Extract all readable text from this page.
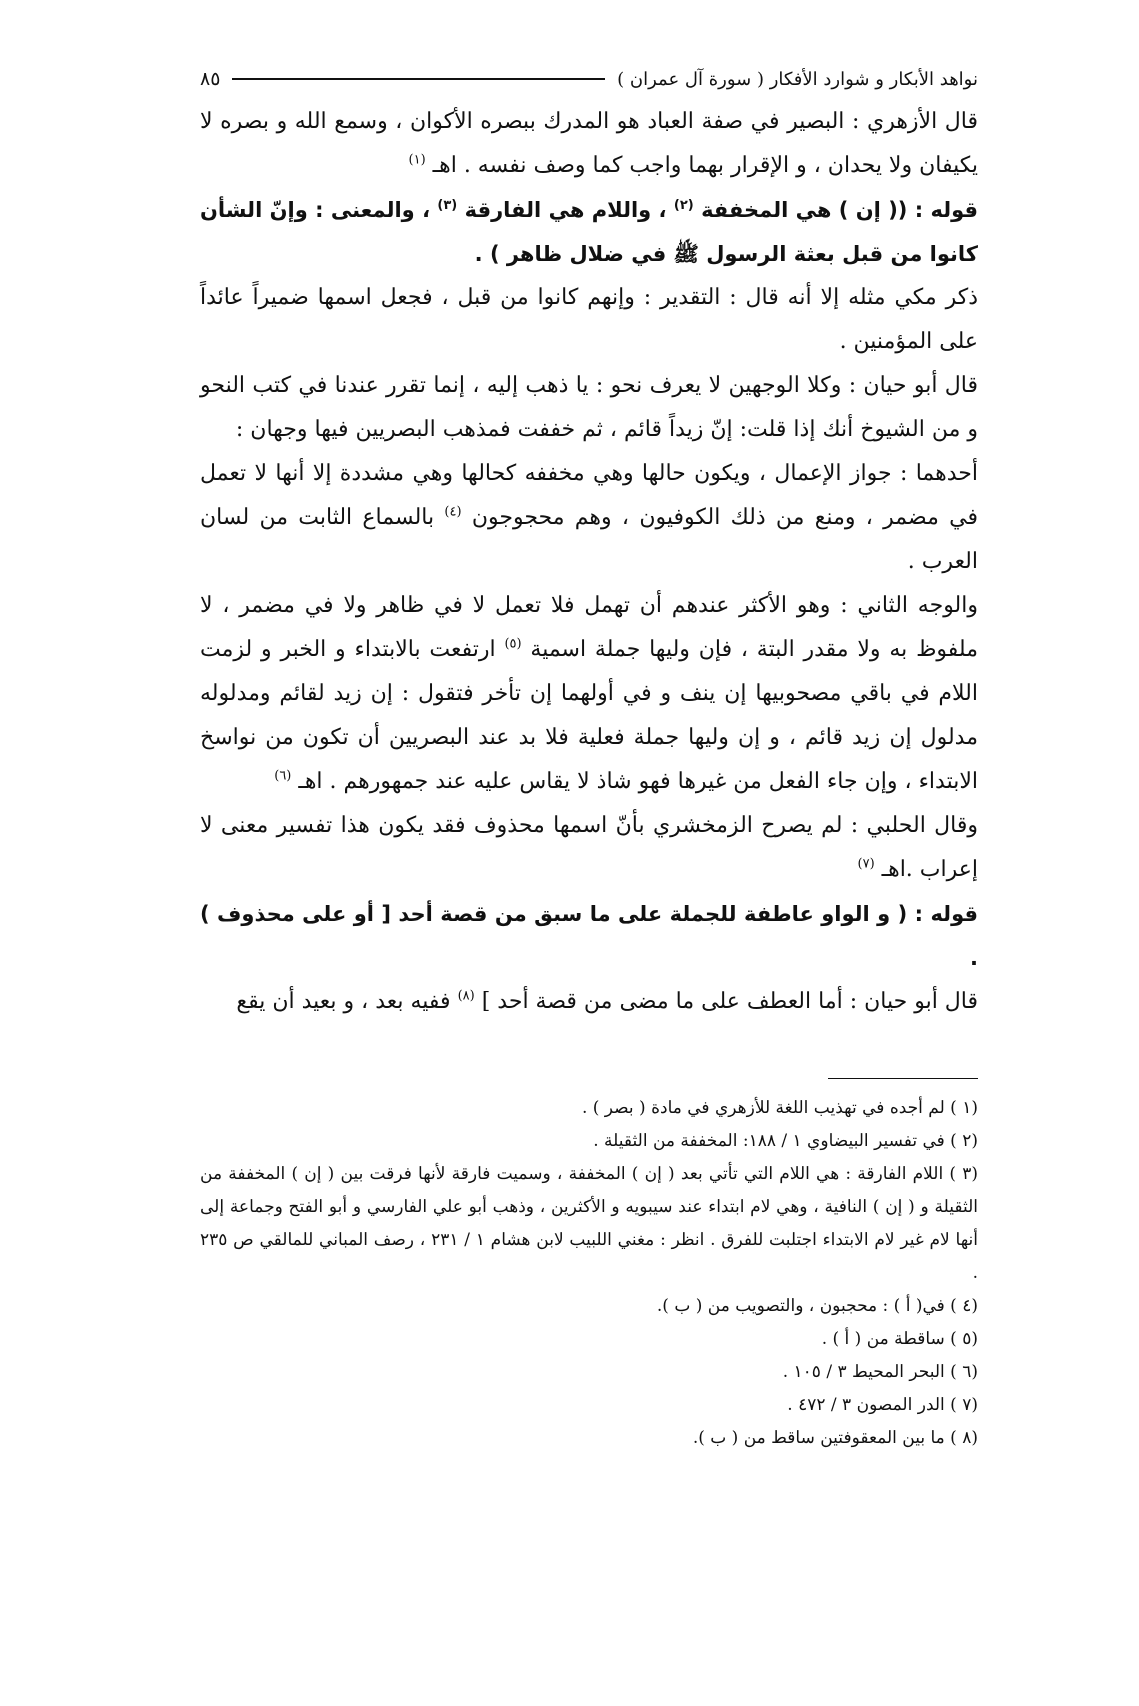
نواهد الأبكار و شوارد الأفكار ( سورة آل عمران )
٨٥

قال الأزهري : البصير في صفة العباد هو المدرك ببصره الأكوان ، وسمع الله و بصره لا يكيفان ولا يحدان ، و الإقرار بهما واجب كما وصف نفسه . اهـ $^{(١)}$

قوله : (( إن ) هي المخففة $^{(٢)}$ ، واللام هي الفارقة $^{(٣)}$ ، والمعنى : وإنّ الشأن كانوا من قبل بعثة الرسول ﷺ في ضلال ظاهر ) .

ذكر مكي مثله إلا أنه قال : التقدير : وإنهم كانوا من قبل ، فجعل اسمها ضميراً عائداً على المؤمنين .

قال أبو حيان : وكلا الوجهين لا يعرف نحو : يا ذهب إليه ، إنما تقرر عندنا في كتب النحو و من الشيوخ أنك إذا قلت: إنّ زيداً قائم ، ثم خففت فمذهب البصريين فيها وجهان :

أحدهما : جواز الإعمال ، ويكون حالها وهي مخففه كحالها وهي مشددة إلا أنها لا تعمل في مضمر ، ومنع من ذلك الكوفيون ، وهم محجوجون $^{(٤)}$ بالسماع الثابت من لسان العرب .

والوجه الثاني : وهو الأكثر عندهم أن تهمل فلا تعمل لا في ظاهر ولا في مضمر ، لا ملفوظ به ولا مقدر البتة ، فإن وليها جملة اسمية $^{(٥)}$ ارتفعت بالابتداء و الخبر و لزمت اللام في باقي مصحوبيها إن ينف و في أولهما إن تأخر فتقول : إن زيد لقائم ومدلوله مدلول إن زيد قائم ، و إن وليها جملة فعلية فلا بد عند البصريين أن تكون من نواسخ الابتداء ، وإن جاء الفعل من غيرها فهو شاذ لا يقاس عليه عند جمهورهم . اهـ $^{(٦)}$

وقال الحلبي : لم يصرح الزمخشري بأنّ اسمها محذوف فقد يكون هذا تفسير معنى لا إعراب .اهـ $^{(٧)}$

قوله : ( و الواو عاطفة للجملة على ما سبق من قصة أحد [ أو على محذوف ) .

قال أبو حيان : أما العطف على ما مضى من قصة أحد ] $^{(٨)}$ ففيه بعد ، و بعيد أن يقع

(١ ) لم أجده في تهذيب اللغة للأزهري في مادة ( بصر ) .

(٢ ) في تفسير البيضاوي ١ / ١٨٨: المخففة من الثقيلة .

(٣ ) اللام الفارقة : هي اللام التي تأتي بعد ( إن ) المخففة ، وسميت فارقة لأنها فرقت بين ( إن ) المخففة من الثقيلة و ( إن ) النافية ، وهي لام ابتداء عند سيبويه و الأكثرين ، وذهب أبو علي الفارسي و أبو الفتح وجماعة إلى أنها لام غير لام الابتداء اجتلبت للفرق . انظر : مغني اللبيب لابن هشام ١ / ٢٣١ ، رصف المباني للمالقي ص ٢٣٥ .

(٤ ) في( أ ) : محجبون ، والتصويب من ( ب ).

(٥ ) ساقطة من ( أ ) .

(٦ ) البحر المحيط ٣ / ١٠٥ .

(٧ ) الدر المصون ٣ / ٤٧٢ .

(٨ ) ما بين المعقوفتين ساقط من ( ب ).
